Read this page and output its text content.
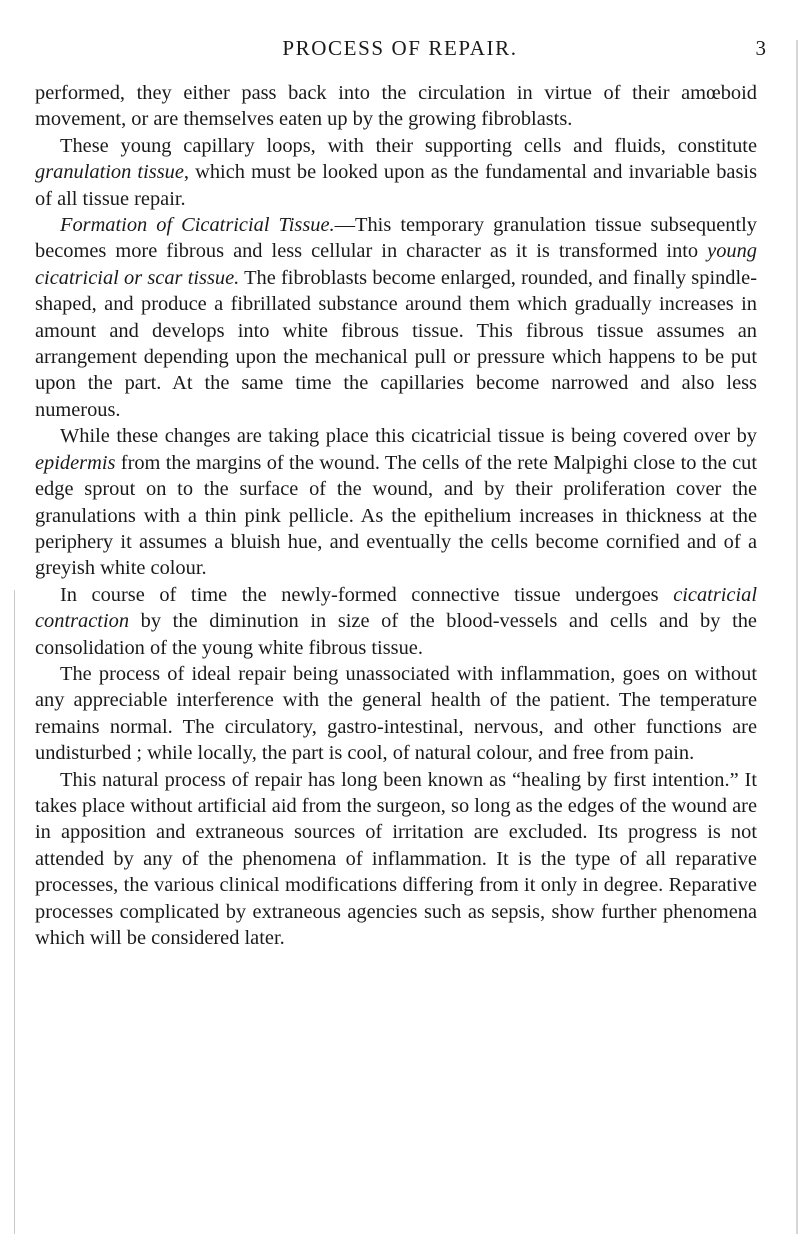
PROCESS OF REPAIR.	3

performed, they either pass back into the circulation in virtue of their amœboid movement, or are themselves eaten up by the growing fibroblasts.

These young capillary loops, with their supporting cells and fluids, constitute granulation tissue, which must be looked upon as the fundamental and invariable basis of all tissue repair.

Formation of Cicatricial Tissue.—This temporary granulation tissue subsequently becomes more fibrous and less cellular in character as it is transformed into young cicatricial or scar tissue. The fibroblasts become enlarged, rounded, and finally spindle-shaped, and produce a fibrillated substance around them which gradually increases in amount and develops into white fibrous tissue. This fibrous tissue assumes an arrangement depending upon the mechanical pull or pressure which happens to be put upon the part. At the same time the capillaries become narrowed and also less numerous.

While these changes are taking place this cicatricial tissue is being covered over by epidermis from the margins of the wound. The cells of the rete Malpighi close to the cut edge sprout on to the surface of the wound, and by their proliferation cover the granulations with a thin pink pellicle. As the epithelium increases in thickness at the periphery it assumes a bluish hue, and eventually the cells become cornified and of a greyish white colour.

In course of time the newly-formed connective tissue undergoes cicatricial contraction by the diminution in size of the blood-vessels and cells and by the consolidation of the young white fibrous tissue.

The process of ideal repair being unassociated with inflammation, goes on without any appreciable interference with the general health of the patient. The temperature remains normal. The circulatory, gastro-intestinal, nervous, and other functions are undisturbed ; while locally, the part is cool, of natural colour, and free from pain.

This natural process of repair has long been known as “healing by first intention.” It takes place without artificial aid from the surgeon, so long as the edges of the wound are in apposition and extraneous sources of irritation are excluded. Its progress is not attended by any of the phenomena of inflammation. It is the type of all reparative processes, the various clinical modifications differing from it only in degree. Reparative processes complicated by extraneous agencies such as sepsis, show further phenomena which will be considered later.
